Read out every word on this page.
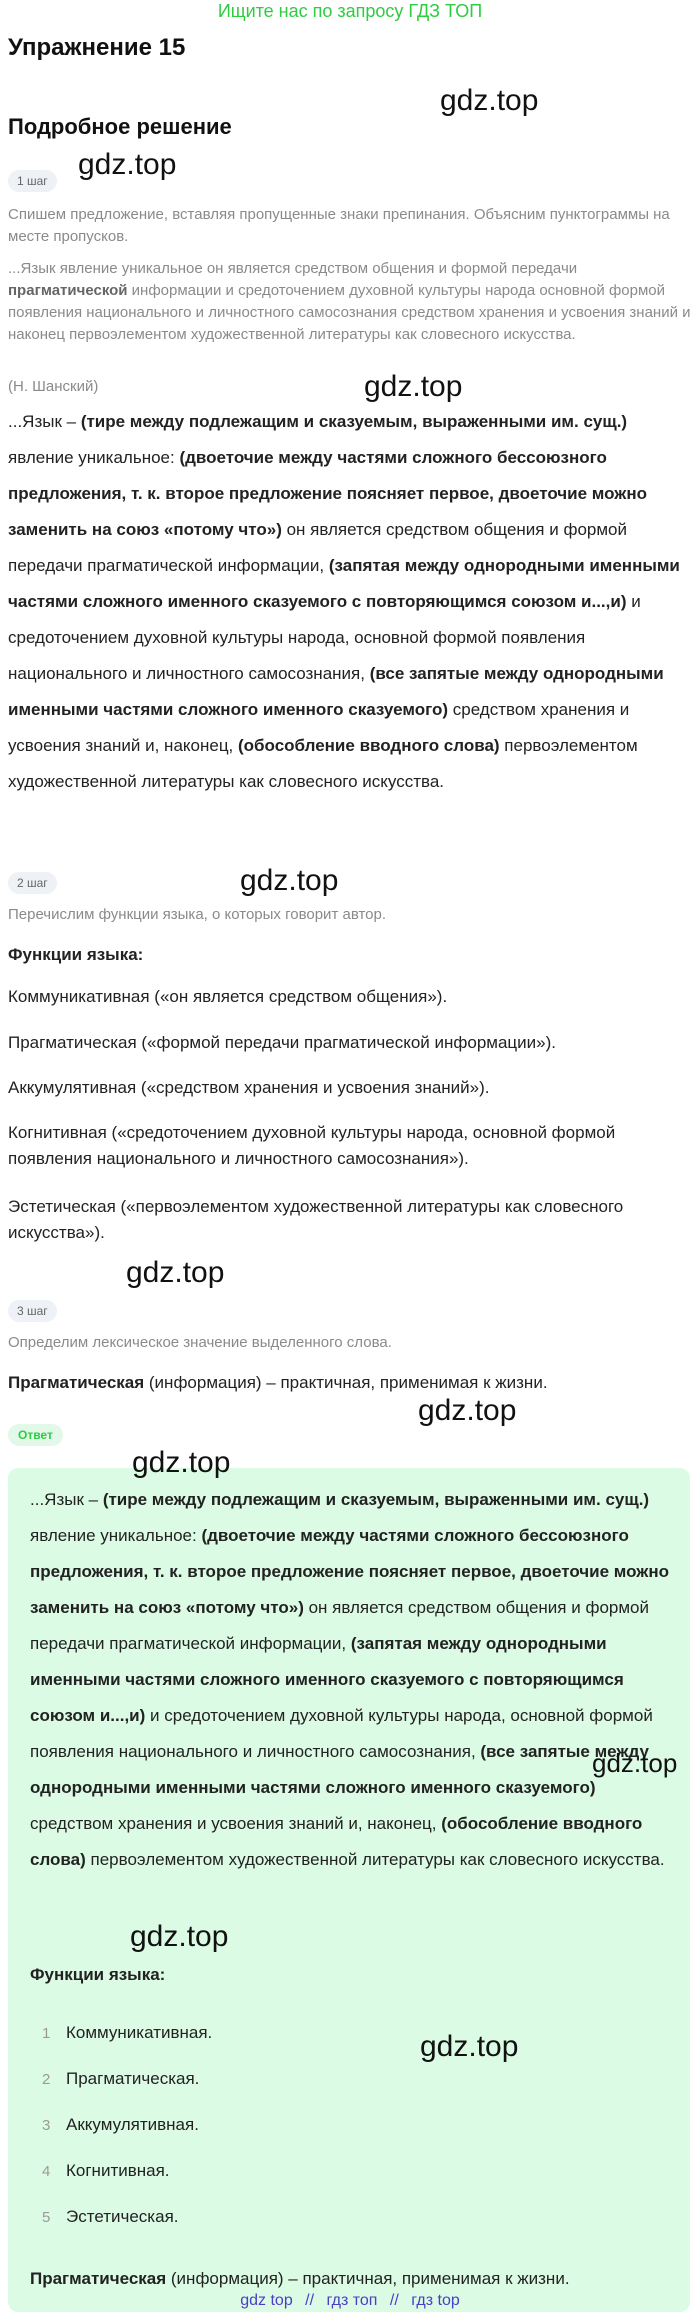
Ищите нас по запросу ГДЗ ТОП
Упражнение 15
gdz.top
Подробное решение
gdz.top
1 шаг
Спишем предложение, вставляя пропущенные знаки препинания. Объясним пунктограммы на месте пропусков.
...Язык явление уникальное он является средством общения и формой передачи прагматической информации и средоточением духовной культуры народа основной формой появления национального и личностного самосознания средством хранения и усвоения знаний и наконец первоэлементом художественной литературы как словесного искусства.
(Н. Шанский)	gdz.top
...Язык – (тире между подлежащим и сказуемым, выраженными им. сущ.) явление уникальное: (двоеточие между частями сложного бессоюзного предложения, т. к. второе предложение поясняет первое, двоеточие можно заменить на союз «потому что») он является средством общения и формой передачи прагматической информации, (запятая между однородными именными частями сложного именного сказуемого с повторяющимся союзом и...,и) и средоточением духовной культуры народа, основной формой появления национального и личностного самосознания, (все запятые между однородными именными частями сложного именного сказуемого) средством хранения и усвоения знаний и, наконец, (обособление вводного слова) первоэлементом художественной литературы как словесного искусства.
2 шаг	gdz.top
Перечислим функции языка, о которых говорит автор.
Функции языка:
Коммуникативная («он является средством общения»).
Прагматическая («формой передачи прагматической информации»).
Аккумулятивная («средством хранения и усвоения знаний»).
Когнитивная («средоточением духовной культуры народа, основной формой появления национального и личностного самосознания»).
Эстетическая («первоэлементом художественной литературы как словесного искусства»).
gdz.top
3 шаг
Определим лексическое значение выделенного слова.
Прагматическая (информация) – практичная, применимая к жизни.
Ответ
gdz.top
gdz.top
...Язык – (тире между подлежащим и сказуемым, выраженными им. сущ.) явление уникальное: (двоеточие между частями сложного бессоюзного предложения, т. к. второе предложение поясняет первое, двоеточие можно заменить на союз «потому что») он является средством общения и формой передачи прагматической информации, (запятая между однородными именными частями сложного именного сказуемого с повторяющимся союзом и...,и) и средоточением духовной культуры народа, основной формой появления национального и личностного самосознания, (все запятые между однородными именными частями сложного именного сказуемого) средством хранения и усвоения знаний и, наконец, (обособление вводного слова) первоэлементом художественной литературы как словесного искусства.
gdz.top
gdz.top
Функции языка:
1 Коммуникативная.
2 Прагматическая.
3 Аккумулятивная.
4 Когнитивная.
5 Эстетическая.
gdz.top
Прагматическая (информация) – практичная, применимая к жизни.
gdz top // гдз топ // гдз top
